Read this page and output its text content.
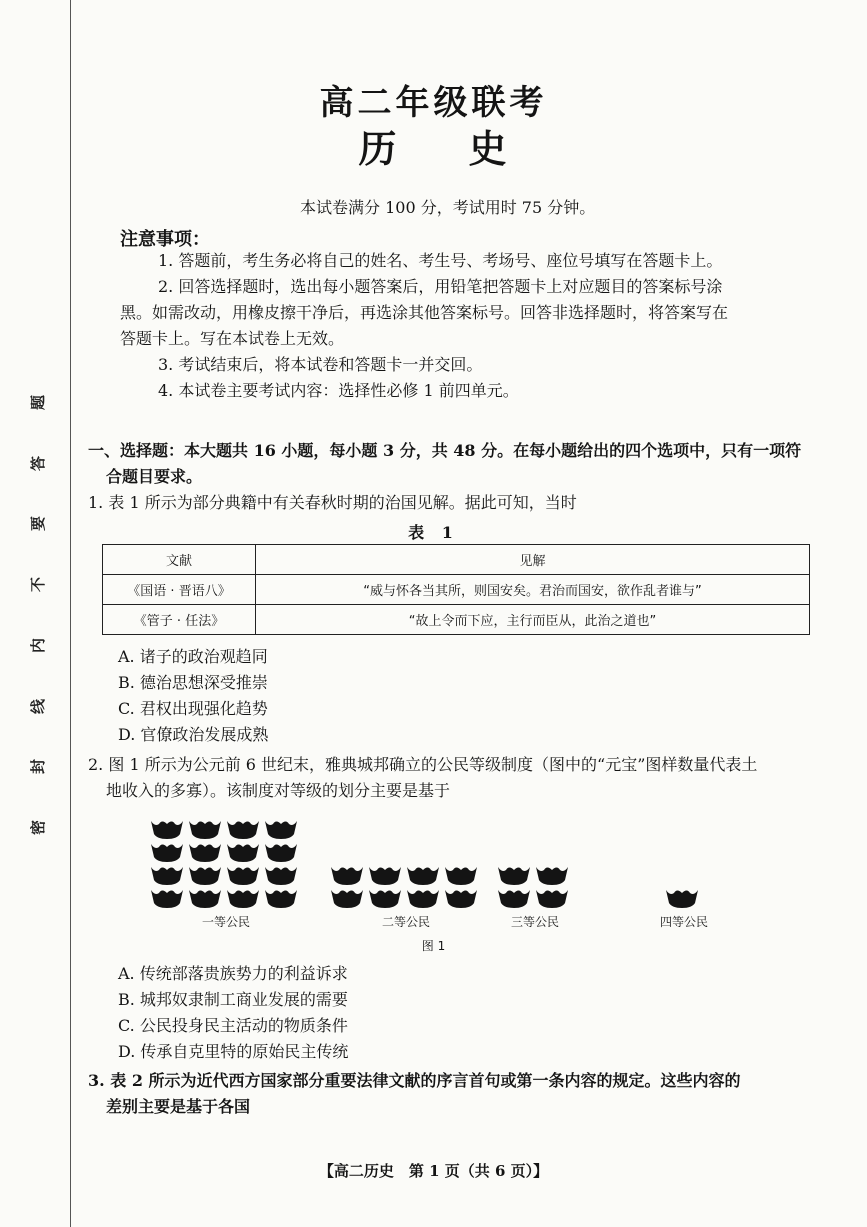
密
封
线
内
不
要
答
题
高二年级联考
历 史
本试卷满分 100 分，考试用时 75 分钟。
注意事项：

1. 答题前，考生务必将自己的姓名、考生号、考场号、座位号填写在答题卡上。

2. 回答选择题时，选出每小题答案后，用铅笔把答题卡上对应题目的答案标号涂

黑。如需改动，用橡皮擦干净后，再选涂其他答案标号。回答非选择题时，将答案写在

答题卡上。写在本试卷上无效。

3. 考试结束后，将本试卷和答题卡一并交回。

4. 本试卷主要考试内容：选择性必修 1 前四单元。

一、选择题：本大题共 16 小题，每小题 3 分，共 48 分。在每小题给出的四个选项中，只有一项符
合题目要求。

1. 表 1 所示为部分典籍中有关春秋时期的治国见解。据此可知，当时

表 1
文献	见解
《国语 · 晋语八》	“威与怀各当其所，则国安矣。君治而国安，欲作乱者谁与”
《管子 · 任法》	“故上令而下应，主行而臣从，此治之道也”
A. 诸子的政治观趋同
B. 德治思想深受推崇
C. 君权出现强化趋势
D. 官僚政治发展成熟

2. 图 1 所示为公元前 6 世纪末，雅典城邦确立的公民等级制度（图中的“元宝”图样数量代表土

地收入的多寡）。该制度对等级的划分主要是基于

一等公民	二等公民	三等公民	四等公民
图 1
A. 传统部落贵族势力的利益诉求
B. 城邦奴隶制工商业发展的需要
C. 公民投身民主活动的物质条件
D. 传承自克里特的原始民主传统

3. 表 2 所示为近代西方国家部分重要法律文献的序言首句或第一条内容的规定。这些内容的

差别主要是基于各国

【高二历史　第 1 页（共 6 页）】
